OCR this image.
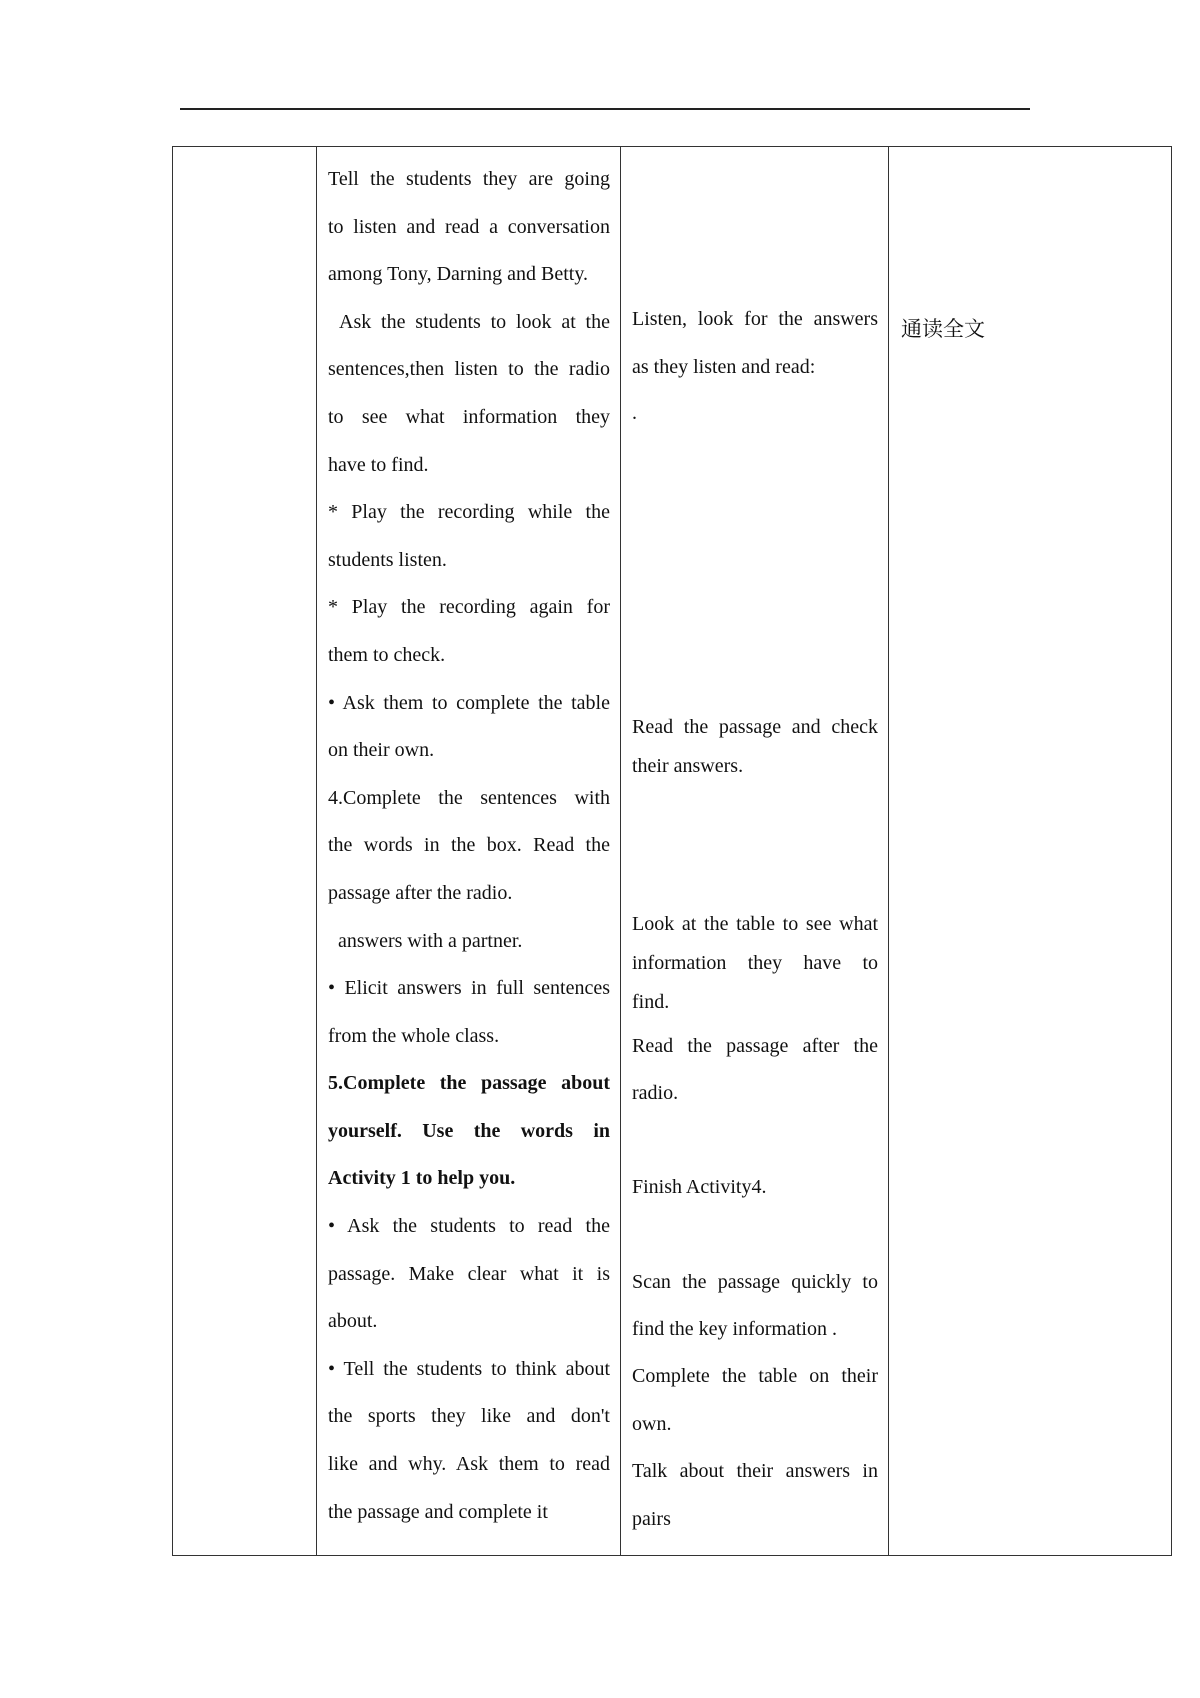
Tell the students they are going
to listen and read a conversation
among Tony, Darning and Betty.
Ask the students to look at the
sentences,then listen to the radio
to see what information they
have to find.
* Play the recording while the
students listen.
* Play the recording again for
them to check.
• Ask them to complete the table
on their own.
4.Complete the sentences with
the words in the box. Read the
passage after the radio.
answers with a partner.
• Elicit answers in full sentences
from the whole class.
5.Complete the passage about
yourself. Use the words in
Activity 1 to help you.
• Ask the students to read the
passage. Make clear what it is
about.
• Tell the students to think about
the sports they like and don't
like and why. Ask them to read
the passage and complete it
Listen, look for the answers
as they listen and read:
.
Read the passage and check
their answers.
Look at the table to see what
information they have to
find.
Read the passage after the
radio.
Finish Activity4.
Scan the passage quickly to
find the key information .
Complete the table on their
own.
Talk about their answers in
pairs
通读全文
